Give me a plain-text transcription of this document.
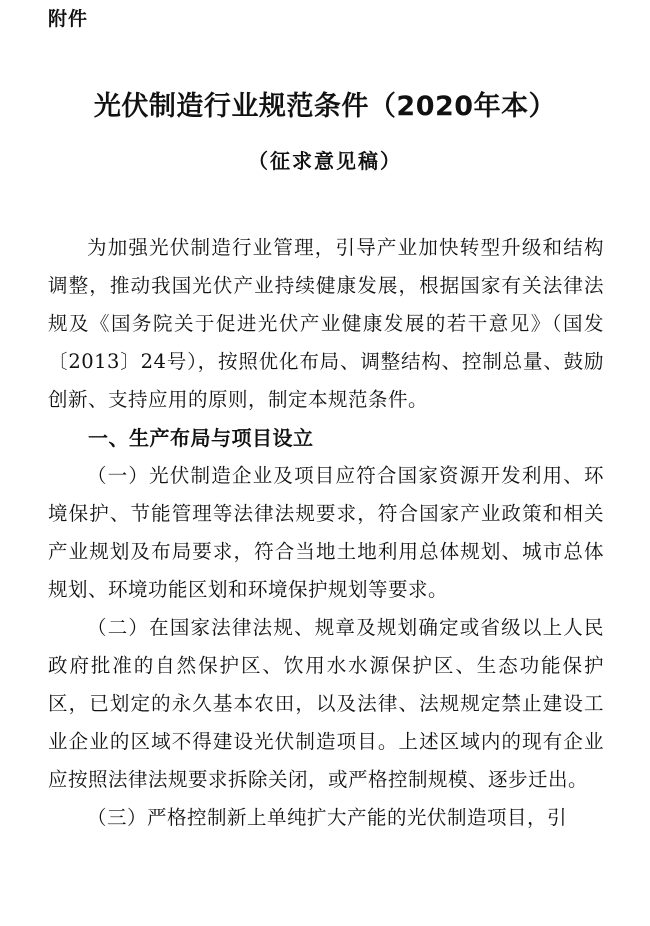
附件
光伏制造行业规范条件（2020年本）
（征求意见稿）

为加强光伏制造行业管理，引导产业加快转型升级和结构调整，推动我国光伏产业持续健康发展，根据国家有关法律法规及《国务院关于促进光伏产业健康发展的若干意见》（国发〔2013〕24号），按照优化布局、调整结构、控制总量、鼓励创新、支持应用的原则，制定本规范条件。

一、生产布局与项目设立

（一）光伏制造企业及项目应符合国家资源开发利用、环境保护、节能管理等法律法规要求，符合国家产业政策和相关产业规划及布局要求，符合当地土地利用总体规划、城市总体规划、环境功能区划和环境保护规划等要求。

（二）在国家法律法规、规章及规划确定或省级以上人民政府批准的自然保护区、饮用水水源保护区、生态功能保护区，已划定的永久基本农田，以及法律、法规规定禁止建设工业企业的区域不得建设光伏制造项目。上述区域内的现有企业应按照法律法规要求拆除关闭，或严格控制规模、逐步迁出。

（三）严格控制新上单纯扩大产能的光伏制造项目，引
